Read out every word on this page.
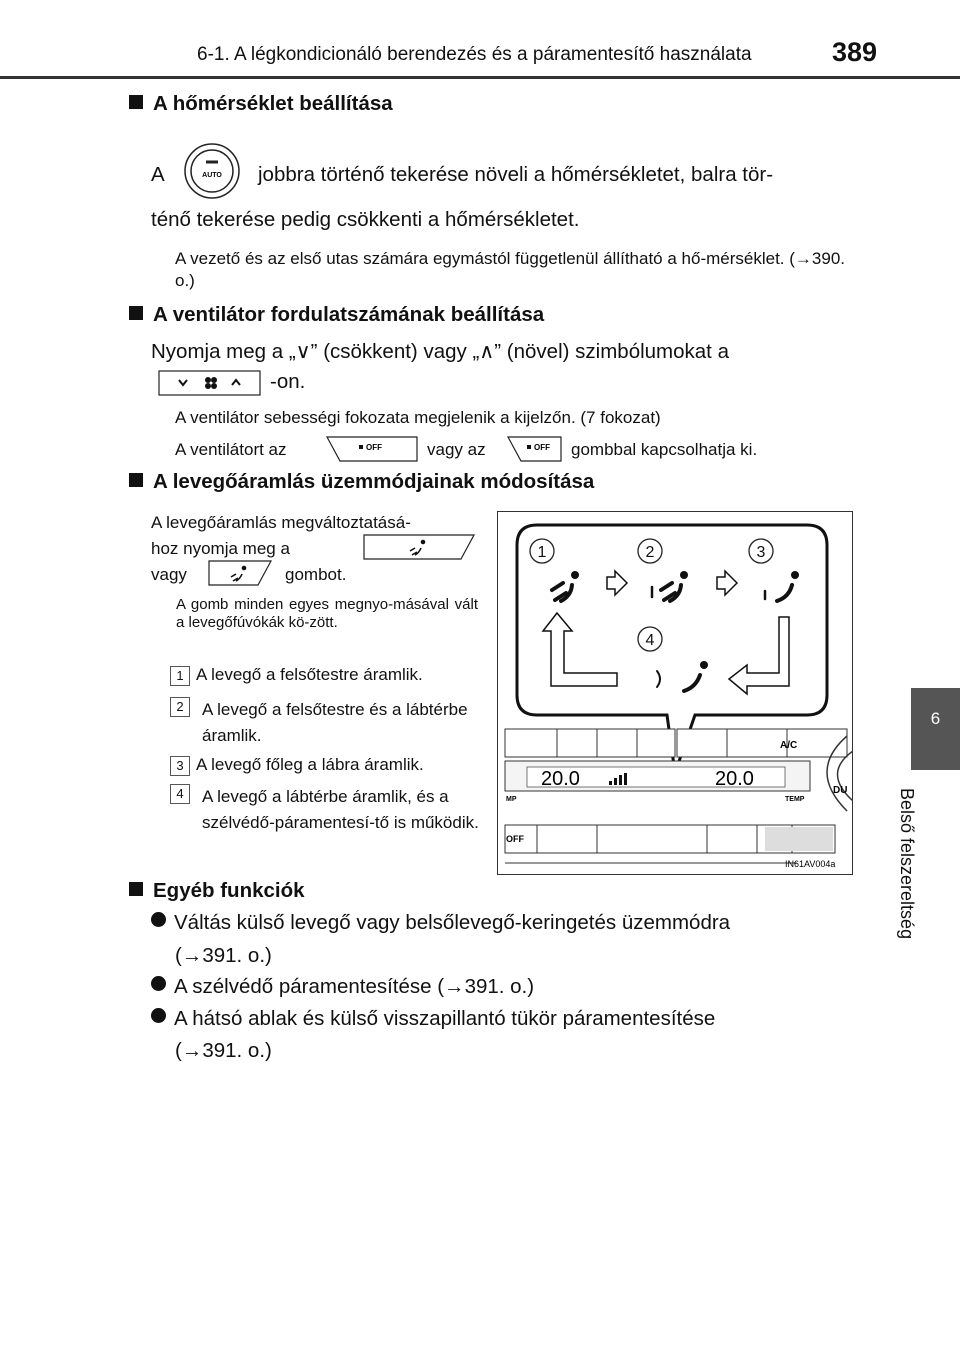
6-1. A légkondicionáló berendezés és a páramentesítő használata	389
6
Belső felszereltség
A hőmérséklet beállítása
A	AUTO jobbra történő tekerése növeli a hőmérsékletet, balra tör-
ténő tekerése pedig csökkenti a hőmérsékletet.
A vezető és az első utas számára egymástól függetlenül állítható a hő-mérséklet. (→390. o.)
A ventilátor fordulatszámának beállítása
Nyomja meg a „∨” (csökkent) vagy „∧” (növel) szimbólumokat a
-on.
A ventilátor sebességi fokozata megjelenik a kijelzőn. (7 fokozat)
A ventilátort az	OFF	vagy az	OFF gombbal kapcsolhatja ki.
A levegőáramlás üzemmódjainak módosítása
A levegőáramlás megváltoztatásá-
hoz nyomja meg a
vagy	gombot.
A gomb minden egyes megnyo-másával vált a levegőfúvókák kö-zött.
1 A levegő a felsőtestre áramlik.
2	A levegő a felsőtestre és a lábtérbe áramlik.
3 A levegő főleg a lábra áramlik.
4	A levegő a lábtérbe áramlik, és a szélvédő-páramentesí-tő is működik.
1	2	3
4
20.0	20.0
A/C
TEMP
MP
OFF
DU
IN61AV004a
Egyéb funkciók
Váltás külső levegő vagy belsőlevegő-keringetés üzemmódra
(→391. o.)
A szélvédő páramentesítése (→391. o.)
A hátsó ablak és külső visszapillantó tükör páramentesítése
(→391. o.)
